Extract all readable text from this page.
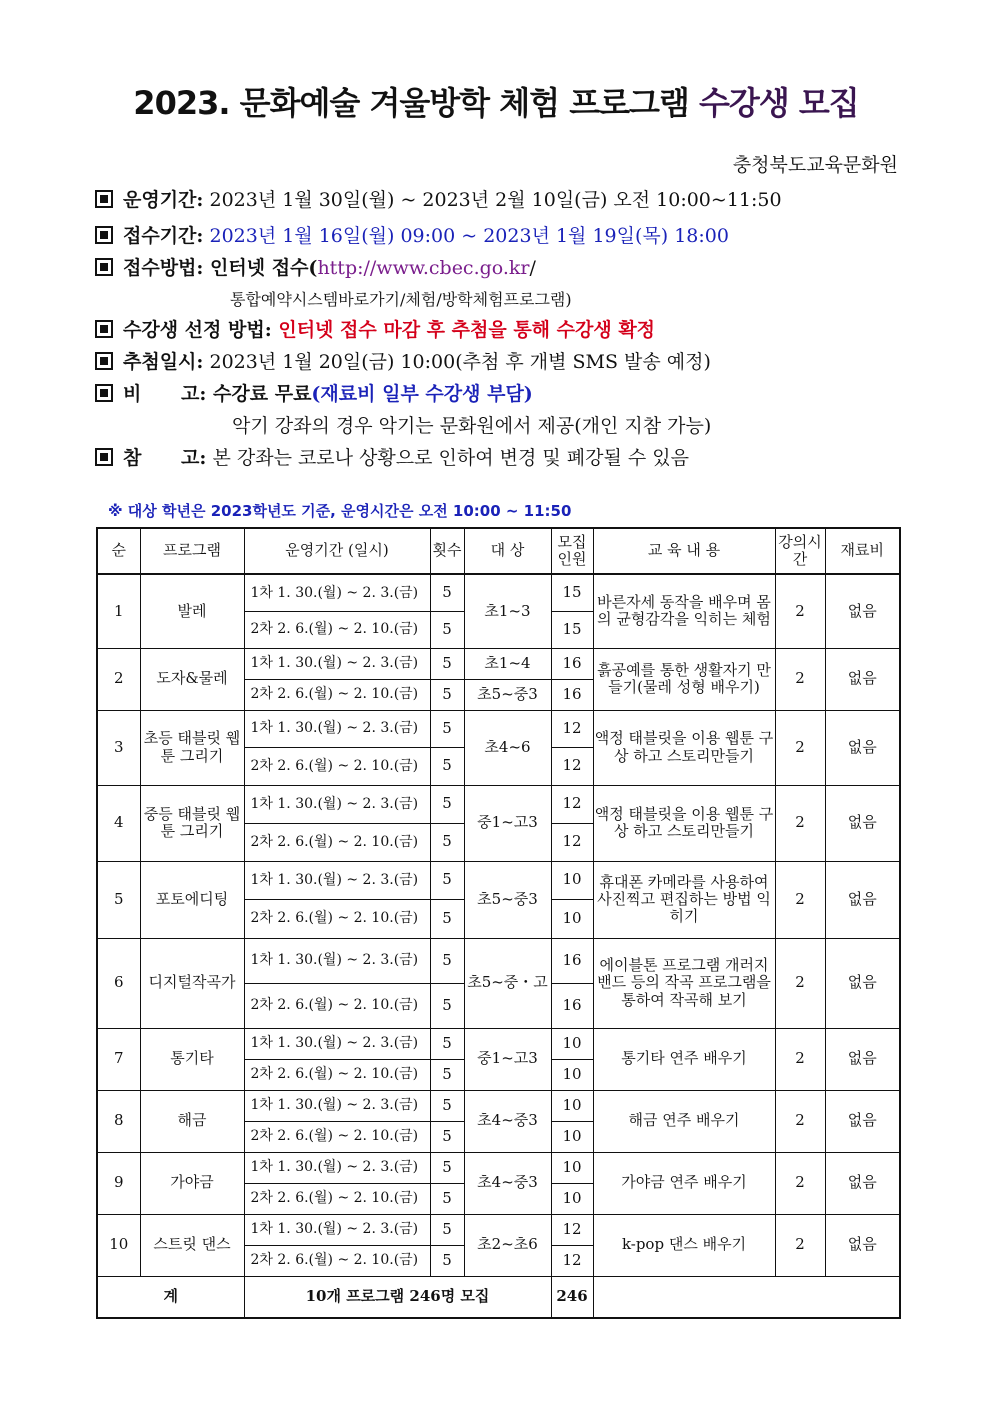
2023. 문화예술 겨울방학 체험 프로그램 수강생 모집
충청북도교육문화원
운영기간: 2023년 1월 30일(월) ~ 2023년 2월 10일(금) 오전 10:00~11:50
접수기간: 2023년 1월 16일(월) 09:00 ~ 2023년 1월 19일(목) 18:00
접수방법: 인터넷 접수(http://www.cbec.go.kr/
통합예약시스템바로가기/체험/방학체험프로그램)
수강생 선정 방법: 인터넷 접수 마감 후 추첨을 통해 수강생 확정
추첨일시: 2023년 1월 20일(금) 10:00(추첨 후 개별 SMS 발송 예정)
비      고: 수강료 무료(재료비 일부 수강생 부담)
악기 강좌의 경우 악기는 문화원에서 제공(개인 지참 가능)
참      고: 본 강좌는 코로나 상황으로 인하여 변경 및 폐강될 수 있음
※ 대상 학년은 2023학년도 기준, 운영시간은 오전 10:00 ~ 11:50
순	프로그램	운영기간 (일시)	횟수	대 상	모집인원	교 육 내 용	강의시간	재료비
1	발레	1차 1. 30.(월) ~ 2. 3.(금)	5	초1~3	15	바른자세 동작을 배우며 몸의 균형감각을 익히는 체험	2	없음
		2차 2. 6.(월) ~ 2. 10.(금)	5		15			
2	도자&물레	1차 1. 30.(월) ~ 2. 3.(금)	5	초1~4	16	흙공예를 통한 생활자기 만들기(물레 성형 배우기)	2	없음
		2차 2. 6.(월) ~ 2. 10.(금)	5	초5~중3	16			
3	초등 태블릿 웹툰 그리기	1차 1. 30.(월) ~ 2. 3.(금)	5	초4~6	12	액정 태블릿을 이용 웹툰 구상 하고 스토리만들기	2	없음
		2차 2. 6.(월) ~ 2. 10.(금)	5		12			
4	중등 태블릿 웹툰 그리기	1차 1. 30.(월) ~ 2. 3.(금)	5	중1~고3	12	액정 태블릿을 이용 웹툰 구상 하고 스토리만들기	2	없음
		2차 2. 6.(월) ~ 2. 10.(금)	5		12			
5	포토에디팅	1차 1. 30.(월) ~ 2. 3.(금)	5	초5~중3	10	휴대폰 카메라를 사용하여 사진찍고 편집하는 방법 익히기	2	없음
		2차 2. 6.(월) ~ 2. 10.(금)	5		10			
6	디지털작곡가	1차 1. 30.(월) ~ 2. 3.(금)	5	초5~중・고	16	에이블톤 프로그램 개러지 밴드 등의 작곡 프로그램을 통하여 작곡해 보기	2	없음
		2차 2. 6.(월) ~ 2. 10.(금)	5		16			
7	통기타	1차 1. 30.(월) ~ 2. 3.(금)	5	중1~고3	10	통기타 연주 배우기	2	없음
		2차 2. 6.(월) ~ 2. 10.(금)	5		10			
8	해금	1차 1. 30.(월) ~ 2. 3.(금)	5	초4~중3	10	해금 연주 배우기	2	없음
		2차 2. 6.(월) ~ 2. 10.(금)	5		10			
9	가야금	1차 1. 30.(월) ~ 2. 3.(금)	5	초4~중3	10	가야금 연주 배우기	2	없음
		2차 2. 6.(월) ~ 2. 10.(금)	5		10			
10	스트릿 댄스	1차 1. 30.(월) ~ 2. 3.(금)	5	초2~초6	12	k-pop 댄스 배우기	2	없음
		2차 2. 6.(월) ~ 2. 10.(금)	5		12			
계		10개 프로그램 246명 모집			246			
